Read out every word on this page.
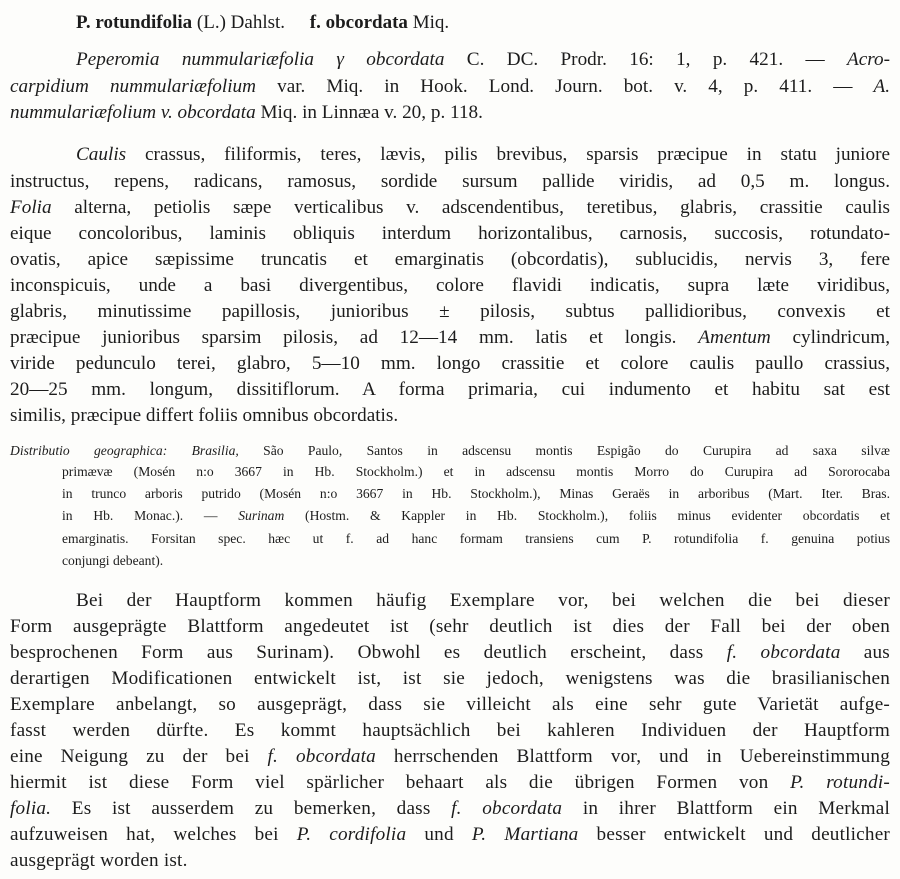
P. rotundifolia (L.) Dahlst. f. obcordata Miq.
Peperomia nummulariæfolia γ obcordata C. DC. Prodr. 16: 1, p. 421. — Acro-
carpidium nummulariæfolium var. Miq. in Hook. Lond. Journ. bot. v. 4, p. 411. — A.
nummulariæfolium v. obcordata Miq. in Linnæa v. 20, p. 118.
Caulis crassus, filiformis, teres, lævis, pilis brevibus, sparsis præcipue in statu juniore
instructus, repens, radicans, ramosus, sordide sursum pallide viridis, ad 0,5 m. longus.
Folia alterna, petiolis sæpe verticalibus v. adscendentibus, teretibus, glabris, crassitie caulis
eique concoloribus, laminis obliquis interdum horizontalibus, carnosis, succosis, rotundato-
ovatis, apice sæpissime truncatis et emarginatis (obcordatis), sublucidis, nervis 3, fere
inconspicuis, unde a basi divergentibus, colore flavidi indicatis, supra læte viridibus,
glabris, minutissime papillosis, junioribus ± pilosis, subtus pallidioribus, convexis et
præcipue junioribus sparsim pilosis, ad 12—14 mm. latis et longis. Amentum cylindricum,
viride pedunculo terei, glabro, 5—10 mm. longo crassitie et colore caulis paullo crassius,
20—25 mm. longum, dissitiflorum. A forma primaria, cui indumento et habitu sat est
similis, præcipue differt foliis omnibus obcordatis.
Distributio geographica: Brasilia, São Paulo, Santos in adscensu montis Espigão do Curupira ad saxa silvæ
primævæ (Mosén n:o 3667 in Hb. Stockholm.) et in adscensu montis Morro do Curupira ad Sororocaba
in trunco arboris putrido (Mosén n:o 3667 in Hb. Stockholm.), Minas Geraës in arboribus (Mart. Iter. Bras.
in Hb. Monac.). — Surinam (Hostm. & Kappler in Hb. Stockholm.), foliis minus evidenter obcordatis et
emarginatis. Forsitan spec. hæc ut f. ad hanc formam transiens cum P. rotundifolia f. genuina potius
conjungi debeant).
Bei der Hauptform kommen häufig Exemplare vor, bei welchen die bei dieser
Form ausgeprägte Blattform angedeutet ist (sehr deutlich ist dies der Fall bei der oben
besprochenen Form aus Surinam). Obwohl es deutlich erscheint, dass f. obcordata aus
derartigen Modificationen entwickelt ist, ist sie jedoch, wenigstens was die brasilianischen
Exemplare anbelangt, so ausgeprägt, dass sie villeicht als eine sehr gute Varietät aufge-
fasst werden dürfte. Es kommt hauptsächlich bei kahleren Individuen der Hauptform
eine Neigung zu der bei f. obcordata herrschenden Blattform vor, und in Uebereinstimmung
hiermit ist diese Form viel spärlicher behaart als die übrigen Formen von P. rotundi-
folia. Es ist ausserdem zu bemerken, dass f. obcordata in ihrer Blattform ein Merkmal
aufzuweisen hat, welches bei P. cordifolia und P. Martiana besser entwickelt und deutlicher
ausgeprägt worden ist.
